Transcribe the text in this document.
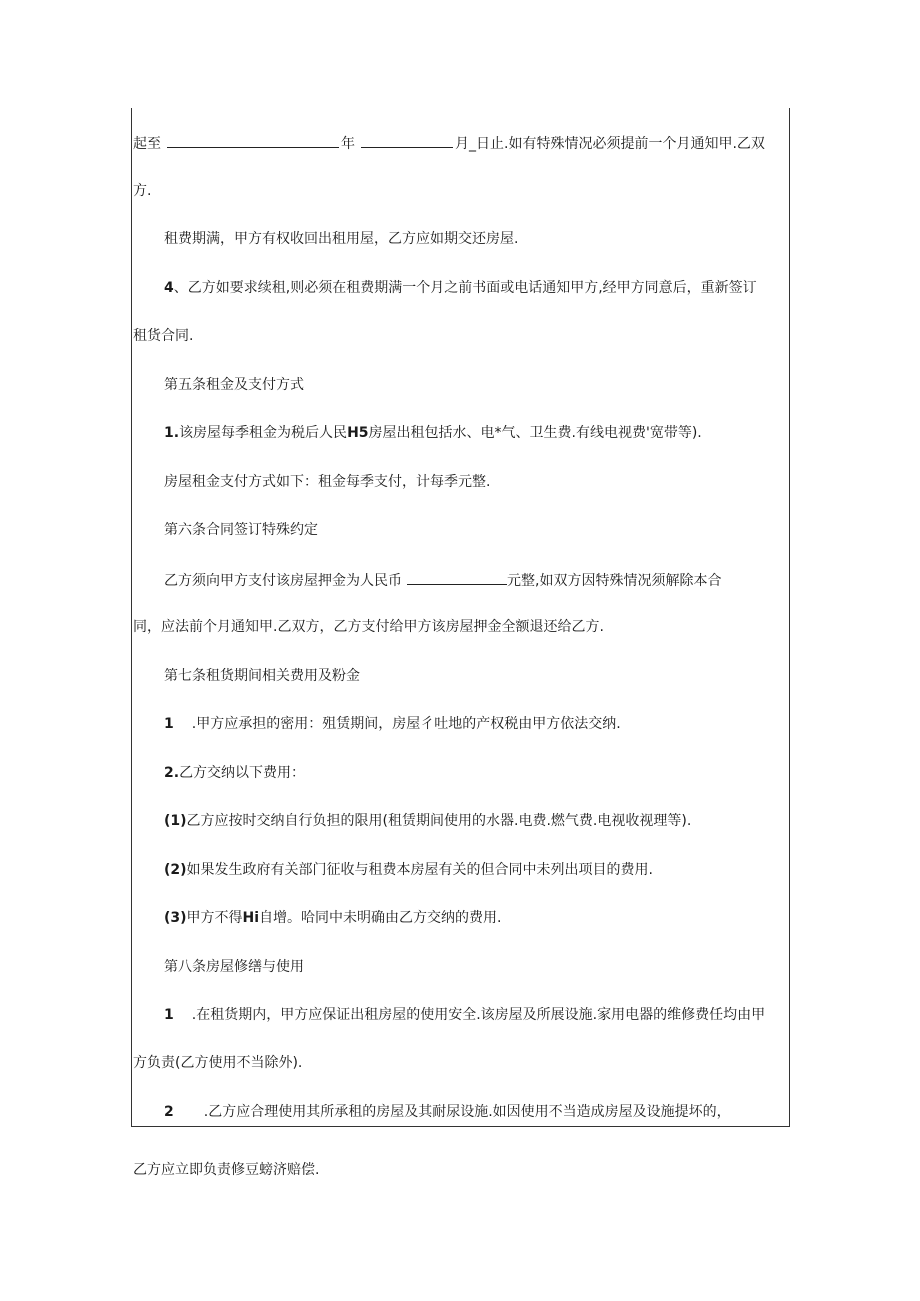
起至	年	月_日止.如有特殊情况必须提前一个月通知甲.乙双
方.
租费期满，甲方有权收回出租用屋，乙方应如期交还房屋.
4、乙方如要求续租,则必须在租费期满一个月之前书面或电话通知甲方,经甲方同意后，重新签订
租货合同.
第五条租金及支付方式
1.该房屋每季租金为税后人民H5房屋出租包括水、电*气、卫生费.有线电视费'宽带等).
房屋租金支付方式如下：租金每季支付，计每季元整.
第六条合同签订特殊约定
乙方须向甲方支付该房屋押金为人民币	元整,如双方因特殊情况须解除本合
同，应法前个月通知甲.乙双方，乙方支付给甲方该房屋押金全额退还给乙方.
第七条租货期间相关费用及粉金
1 .甲方应承担的密用：殂赁期间，房屋彳吐地的产权税由甲方依法交纳.
2.乙方交纳以下费用：
(1)乙方应按时交纳自行负担的限用(租赁期间使用的水器.电费.燃气费.电视收视理等).
(2)如果发生政府有关部门征收与租费本房屋有关的但合同中未列出项目的费用.
(3)甲方不得Hi自增。哈同中未明确由乙方交纳的费用.
第八条房屋修缮与使用
1 .在租货期内，甲方应保证出租房屋的使用安全.该房屋及所展设施.家用电器的维修费任均由甲
方负责(乙方使用不当除外).
2 .乙方应合理使用其所承租的房屋及其耐尿设施.如因使用不当造成房屋及设施提坏的，
乙方应立即负责修豆螃济赔偿.
